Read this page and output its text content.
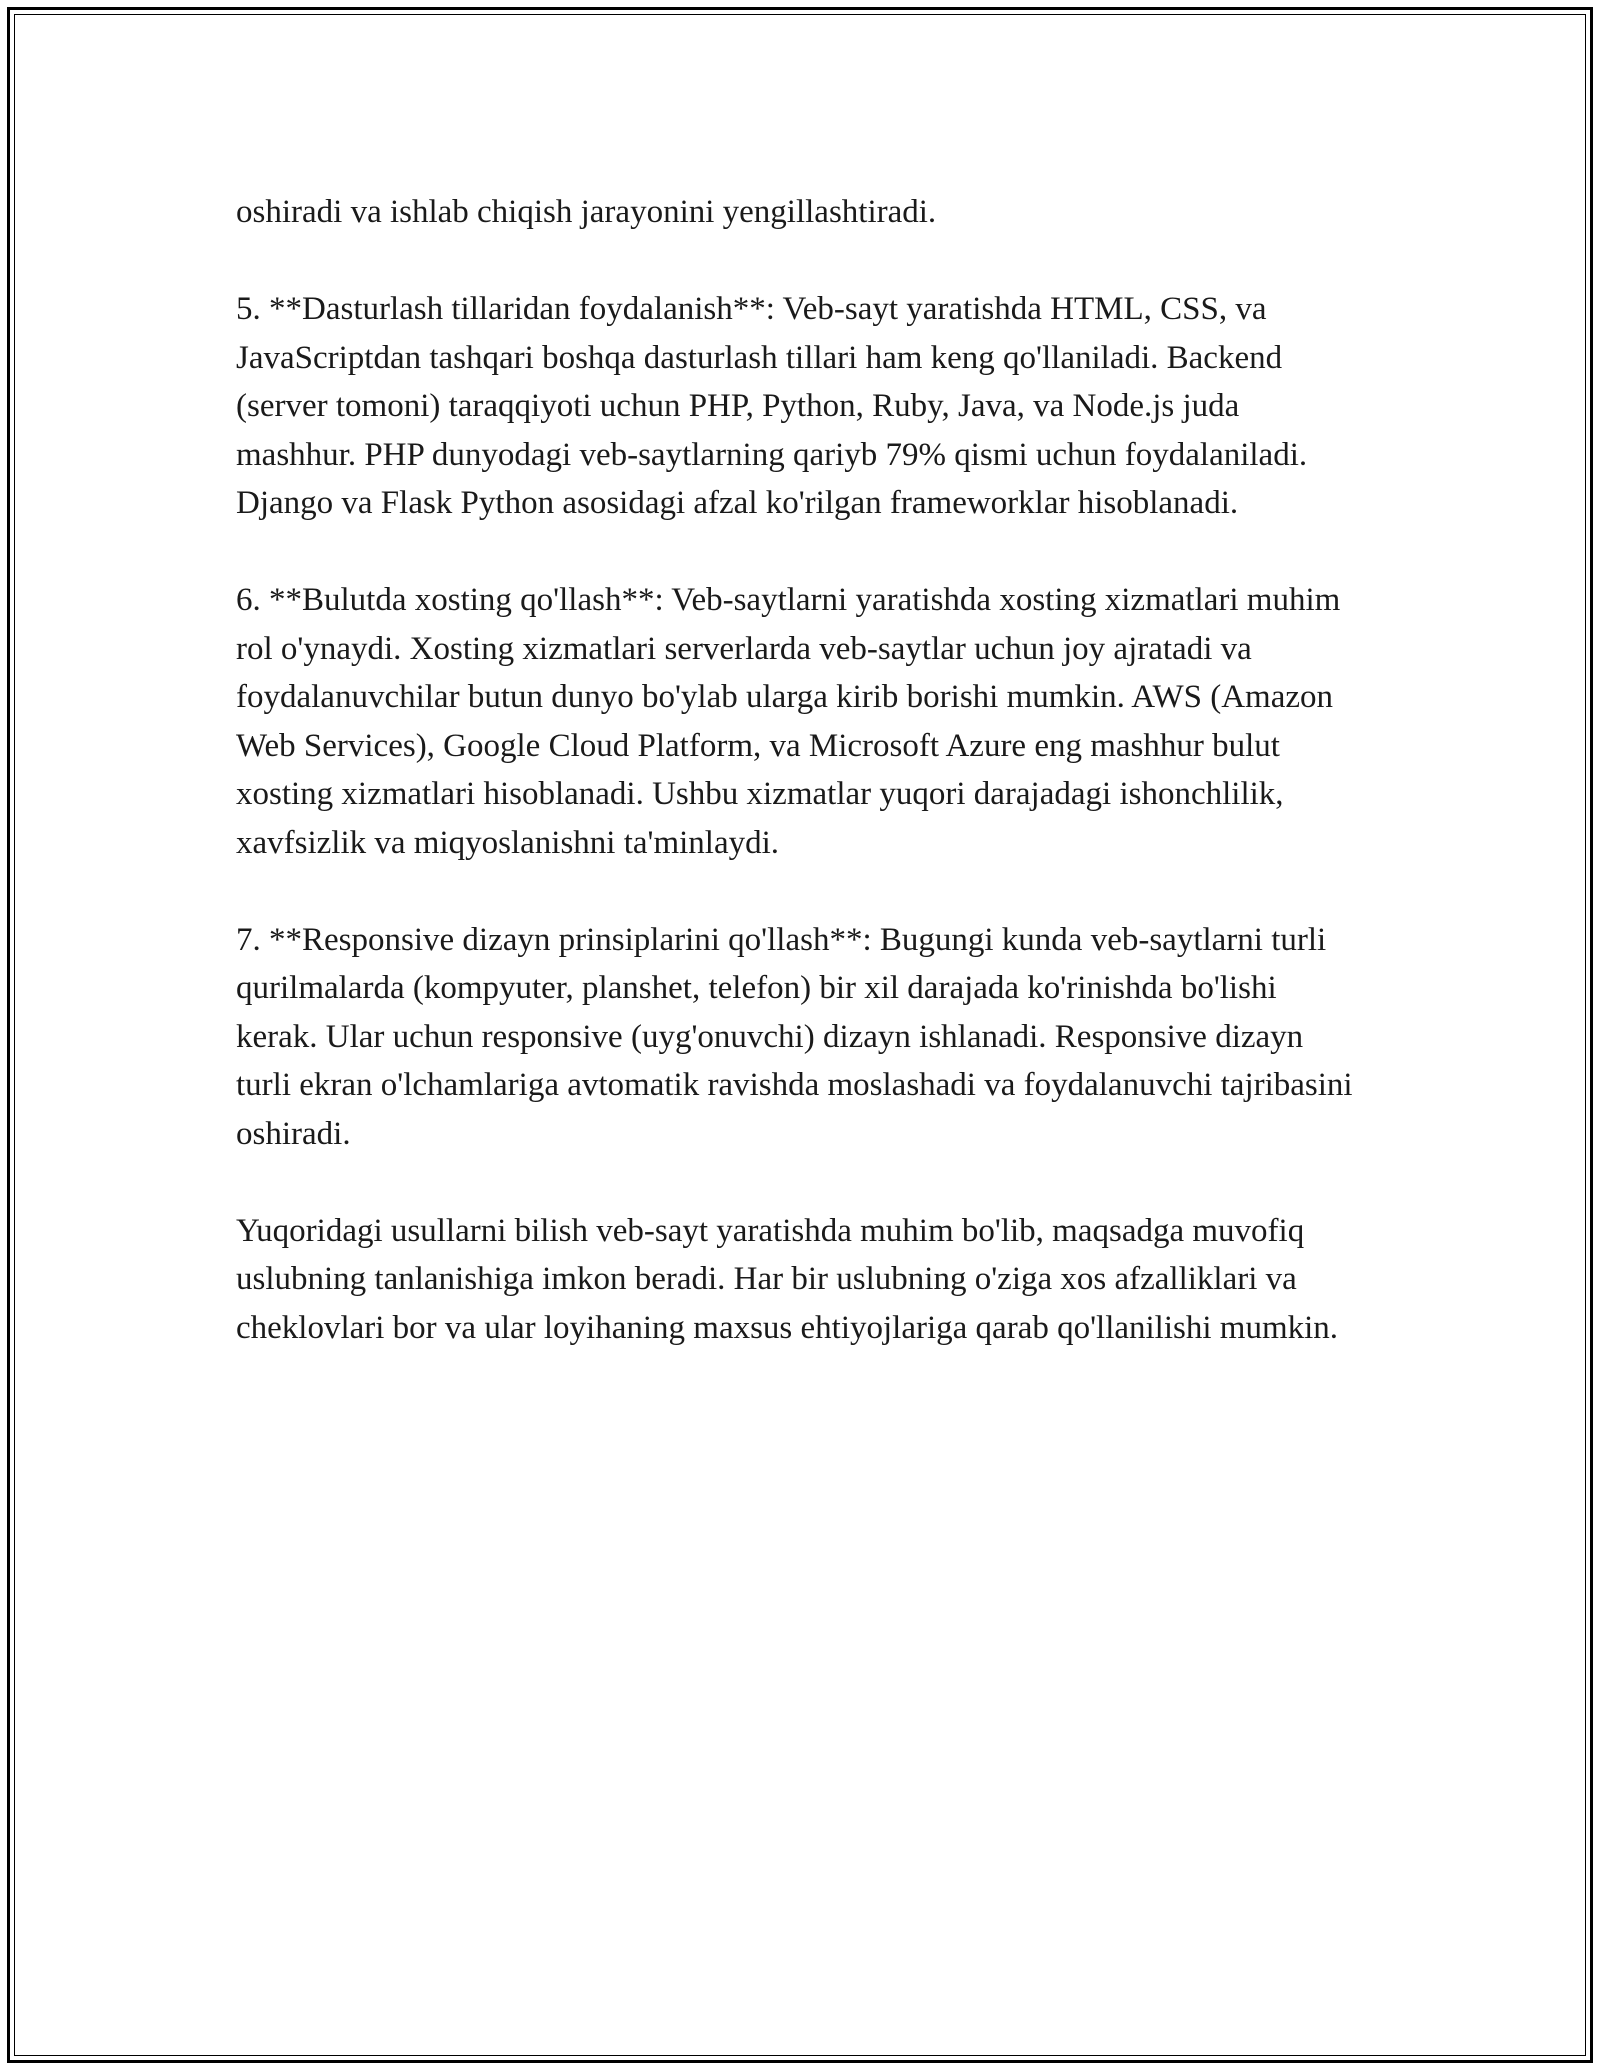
oshiradi va ishlab chiqish jarayonini yengillashtiradi.

5. **Dasturlash tillaridan foydalanish**: Veb-sayt yaratishda HTML, CSS, va JavaScriptdan tashqari boshqa dasturlash tillari ham keng qo'llaniladi. Backend (server tomoni) taraqqiyoti uchun PHP, Python, Ruby, Java, va Node.js juda mashhur. PHP dunyodagi veb-saytlarning qariyb 79% qismi uchun foydalaniladi. Django va Flask Python asosidagi afzal ko'rilgan frameworklar hisoblanadi.

6. **Bulutda xosting qo'llash**: Veb-saytlarni yaratishda xosting xizmatlari muhim rol o'ynaydi. Xosting xizmatlari serverlarda veb-saytlar uchun joy ajratadi va foydalanuvchilar butun dunyo bo'ylab ularga kirib borishi mumkin. AWS (Amazon Web Services), Google Cloud Platform, va Microsoft Azure eng mashhur bulut xosting xizmatlari hisoblanadi. Ushbu xizmatlar yuqori darajadagi ishonchlilik, xavfsizlik va miqyoslanishni ta'minlaydi.

7. **Responsive dizayn prinsiplarini qo'llash**: Bugungi kunda veb-saytlarni turli qurilmalarda (kompyuter, planshet, telefon) bir xil darajada ko'rinishda bo'lishi kerak. Ular uchun responsive (uyg'onuvchi) dizayn ishlanadi. Responsive dizayn turli ekran o'lchamlariga avtomatik ravishda moslashadi va foydalanuvchi tajribasini oshiradi.

Yuqoridagi usullarni bilish veb-sayt yaratishda muhim bo'lib, maqsadga muvofiq uslubning tanlanishiga imkon beradi. Har bir uslubning o'ziga xos afzalliklari va cheklovlari bor va ular loyihaning maxsus ehtiyojlariga qarab qo'llanilishi mumkin.
